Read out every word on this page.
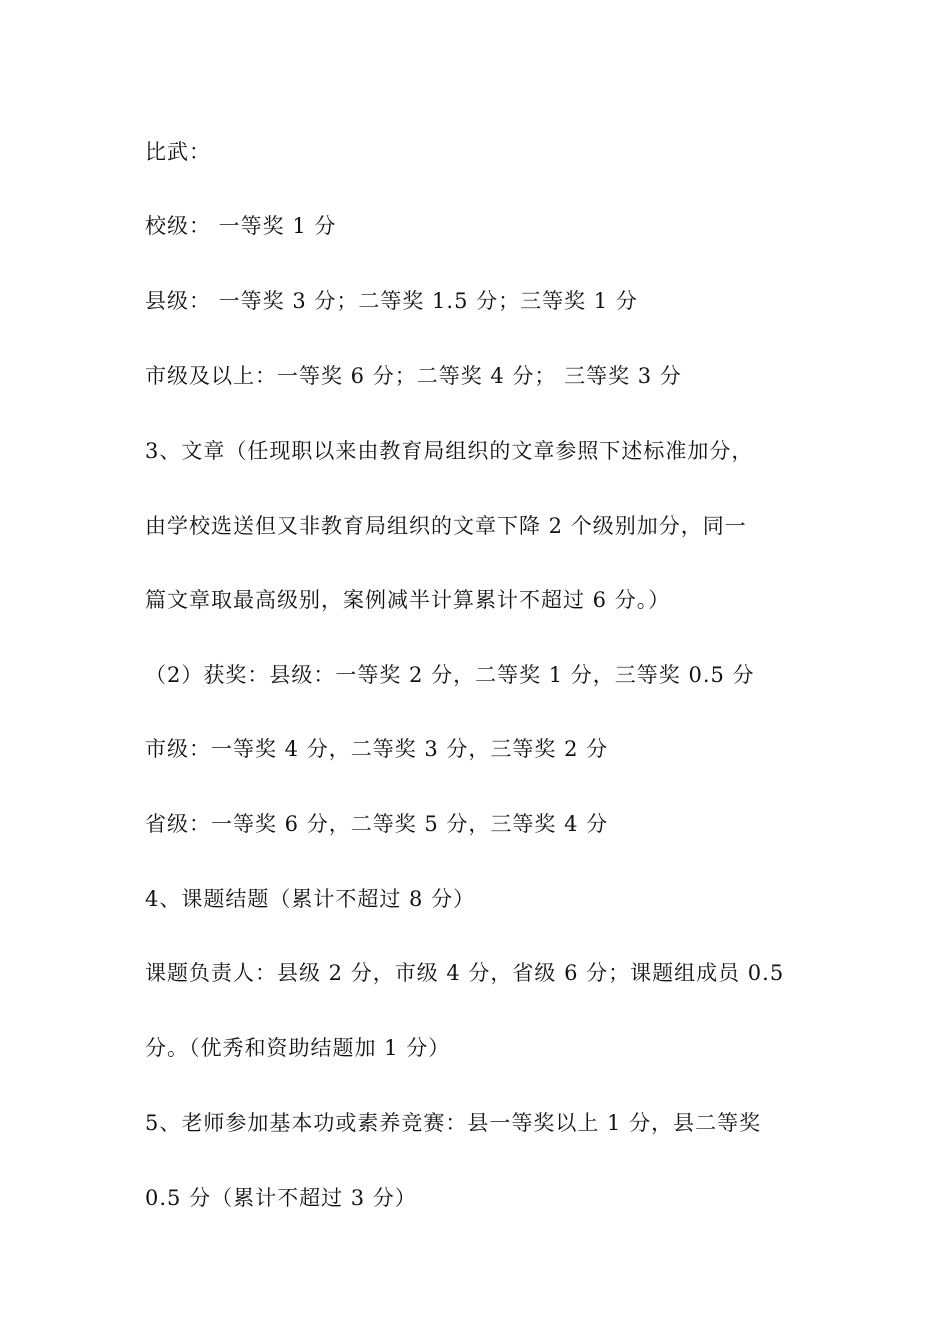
比武：
校级： 一等奖 1 分
县级： 一等奖 3 分；二等奖 1.5 分；三等奖 1 分
市级及以上：一等奖 6 分；二等奖 4 分； 三等奖 3 分
3、文章（任现职以来由教育局组织的文章参照下述标准加分，
由学校选送但又非教育局组织的文章下降 2 个级别加分，同一
篇文章取最高级别，案例减半计算累计不超过 6 分。）
（2）获奖：县级：一等奖 2 分，二等奖 1 分，三等奖 0.5 分
市级：一等奖 4 分，二等奖 3 分，三等奖 2 分
省级：一等奖 6 分，二等奖 5 分，三等奖 4 分
4、课题结题（累计不超过 8 分）
课题负责人：县级 2 分，市级 4 分，省级 6 分；课题组成员 0.5
分。（优秀和资助结题加 1 分）
5、老师参加基本功或素养竞赛：县一等奖以上 1 分，县二等奖
0.5 分（累计不超过 3 分）
